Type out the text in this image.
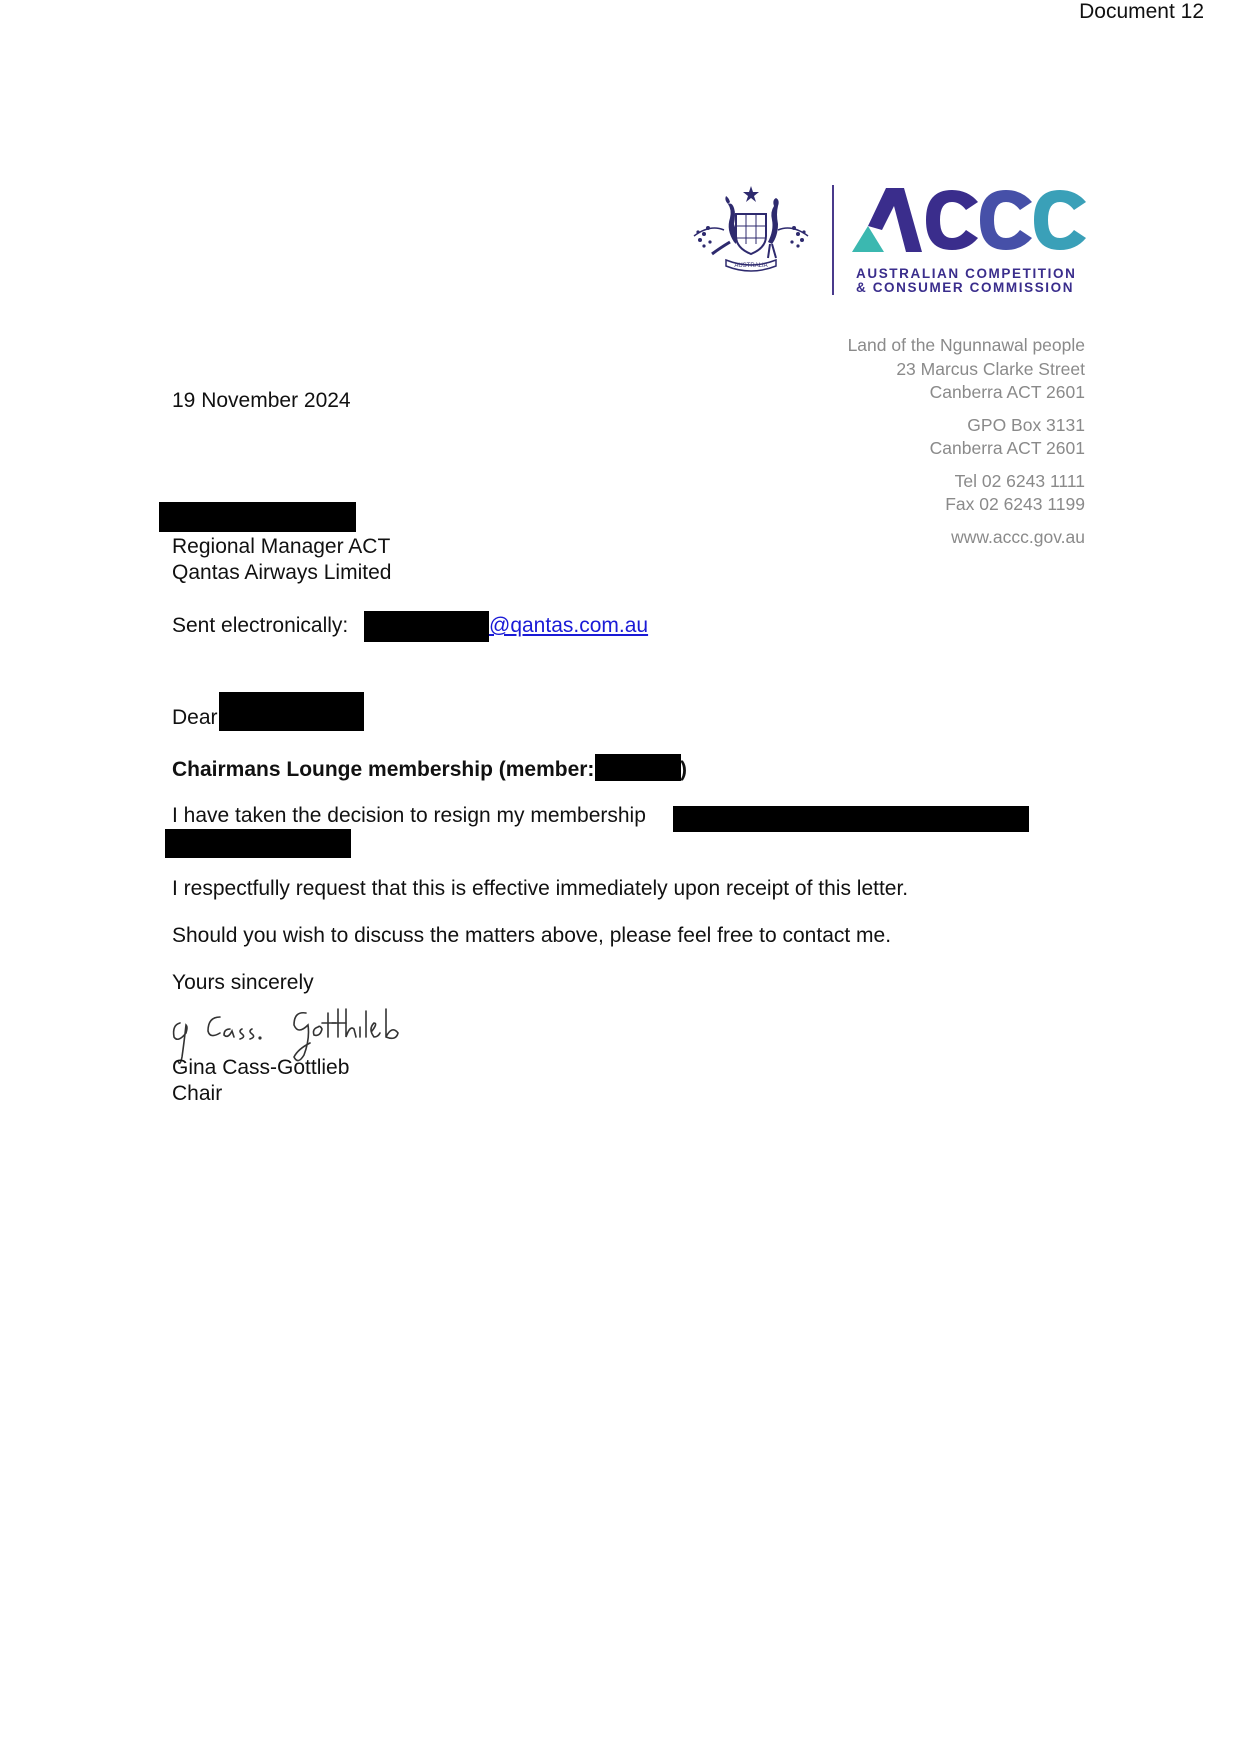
Document 12
AUSTRALIA	AUSTRALIAN COMPETITION
& CONSUMER COMMISSION
Land of the Ngunnawal people
23 Marcus Clarke Street
Canberra ACT 2601
GPO Box 3131
Canberra ACT 2601
Tel 02 6243 1111
Fax 02 6243 1199
www.accc.gov.au
19 November 2024
Regional Manager ACT
Qantas Airways Limited
Sent electronically:	@qantas.com.au
Dear
Chairmans Lounge membership (member:	)
I have taken the decision to resign my membership
I respectfully request that this is effective immediately upon receipt of this letter.
Should you wish to discuss the matters above, please feel free to contact me.
Yours sincerely
Gina Cass-Gottlieb
Chair
